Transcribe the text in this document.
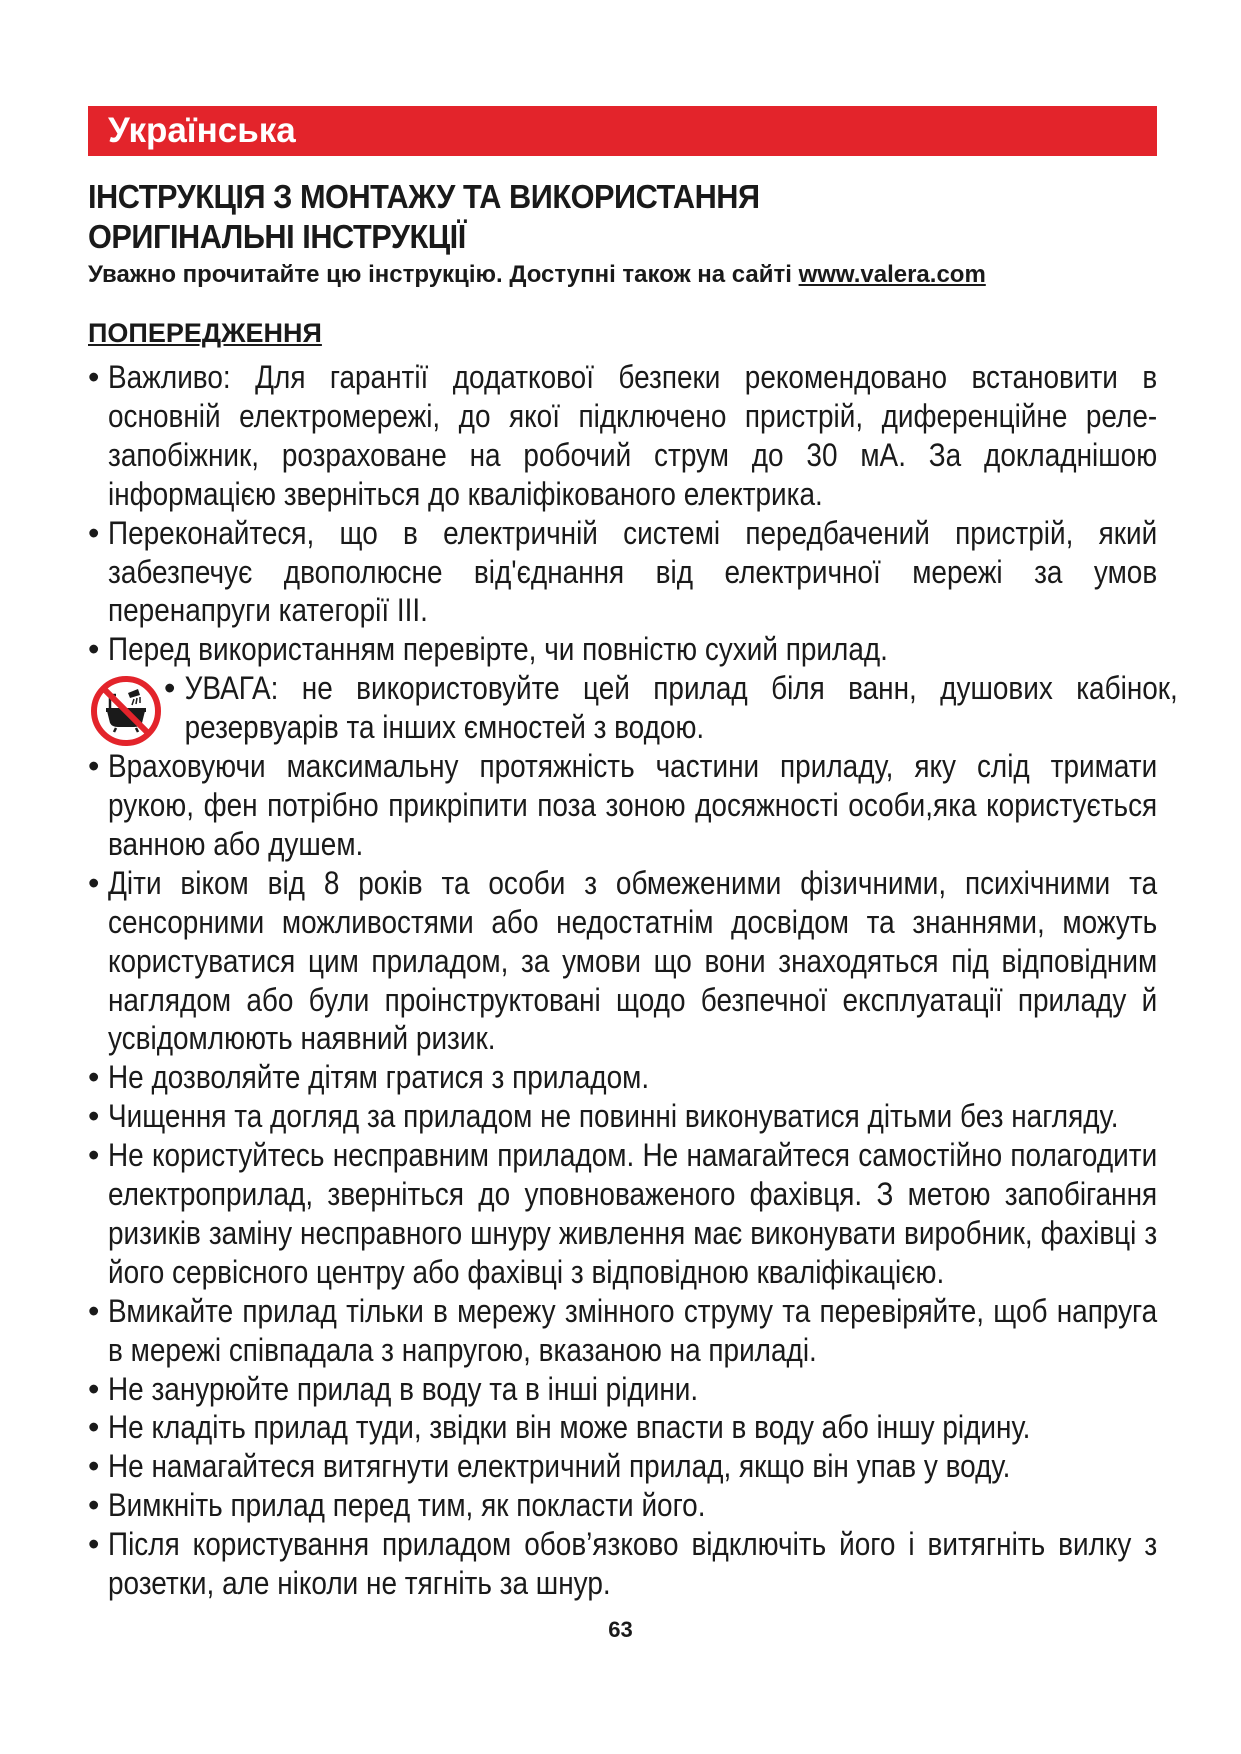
Українська
ІНСТРУКЦІЯ З МОНТАЖУ ТА ВИКОРИСТАННЯ
ОРИГІНАЛЬНІ ІНСТРУКЦІЇ
Уважно прочитайте цю інструкцію. Доступні також на сайті www.valera.com
ПОПЕРЕДЖЕННЯ
• Важливо: Для гарантії додаткової безпеки рекомендовано встановити в основній електромережі, до якої підключено пристрій, диференційне реле-запобіжник, розраховане на робочий струм до 30 мА. За докладнішою інформацією зверніться до кваліфікованого електрика.
• Переконайтеся, що в електричній системі передбачений пристрій, який забезпечує двополюсне від'єднання від електричної мережі за умов перенапруги категорії ІІІ.
• Перед використанням перевірте, чи повністю сухий прилад.
• УВАГА: не використовуйте цей прилад біля ванн, душових кабінок, резервуарів та інших ємностей з водою.
• Враховуючи максимальну протяжність частини приладу, яку слід тримати рукою, фен потрібно прикріпити поза зоною досяжності особи,яка користується ванною або душем.
• Діти віком від 8 років та особи з обмеженими фізичними, психічними та сенсорними можливостями або недостатнім досвідом та знаннями, можуть користуватися цим приладом, за умови що вони знаходяться під відповідним наглядом або були проінструктовані щодо безпечної експлуатації приладу й усвідомлюють наявний ризик.
• Не дозволяйте дітям гратися з приладом.
• Чищення та догляд за приладом не повинні виконуватися дітьми без нагляду.
• Не користуйтесь несправним приладом. Не намагайтеся самостійно полагодити електроприлад, зверніться до уповноваженого фахівця. З метою запобігання ризиків заміну несправного шнуру живлення має виконувати виробник, фахівці з його сервісного центру або фахівці з відповідною кваліфікацією.
• Вмикайте прилад тільки в мережу змінного струму та перевіряйте, щоб напруга в мережі співпадала з напругою, вказаною на приладі.
• Не занурюйте прилад в воду та в інші рідини.
• Не кладіть прилад туди, звідки він може впасти в воду або іншу рідину.
• Не намагайтеся витягнути електричний прилад, якщо він упав у воду.
• Вимкніть прилад перед тим, як покласти його.
• Після користування приладом обов’язково відключіть його і витягніть вилку з розетки, але ніколи не тягніть за шнур.
63
